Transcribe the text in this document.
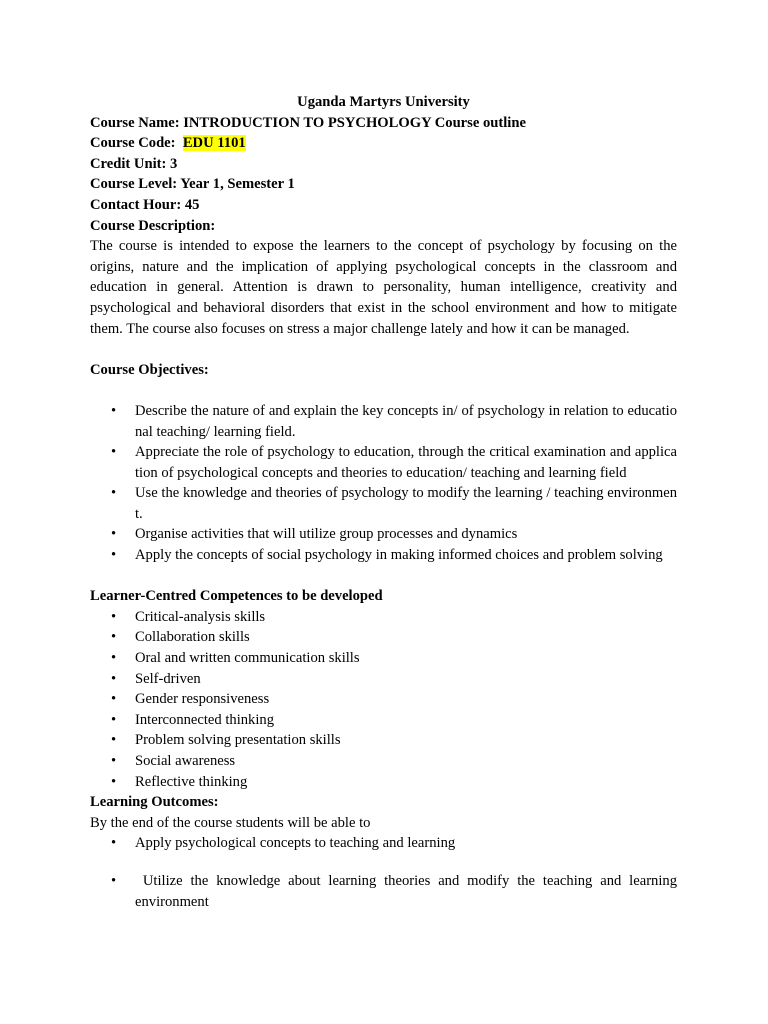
Uganda Martyrs University
Course Name: INTRODUCTION TO PSYCHOLOGY Course outline
Course Code:  EDU 1101
Credit Unit: 3
Course Level: Year 1, Semester 1
Contact Hour: 45
Course Description:
The course is intended to expose the learners to the concept of psychology by focusing on the origins, nature and the implication of applying psychological concepts in the classroom and education in general. Attention is drawn to personality, human intelligence, creativity and psychological and behavioral disorders that exist in the school environment and how to mitigate them. The course also focuses on stress a major challenge lately and how it can be managed.
Course Objectives:
• Describe the nature of and explain the key concepts in/ of psychology in relation to educational teaching/ learning field.
• Appreciate the role of psychology to education, through the critical examination and application of psychological concepts and theories to education/ teaching and learning field
• Use the knowledge and theories of psychology to modify the learning / teaching environment.
• Organise activities that will utilize group processes and dynamics
• Apply the concepts of social psychology in making informed choices and problem solving
Learner-Centred Competences to be developed
• Critical-analysis skills
• Collaboration skills
• Oral and written communication skills
• Self-driven
• Gender responsiveness
• Interconnected thinking
• Problem solving presentation skills
• Social awareness
• Reflective thinking
Learning Outcomes:
By the end of the course students will be able to
• Apply psychological concepts to teaching and learning
• Utilize the knowledge about learning theories and modify the teaching and learning environment
